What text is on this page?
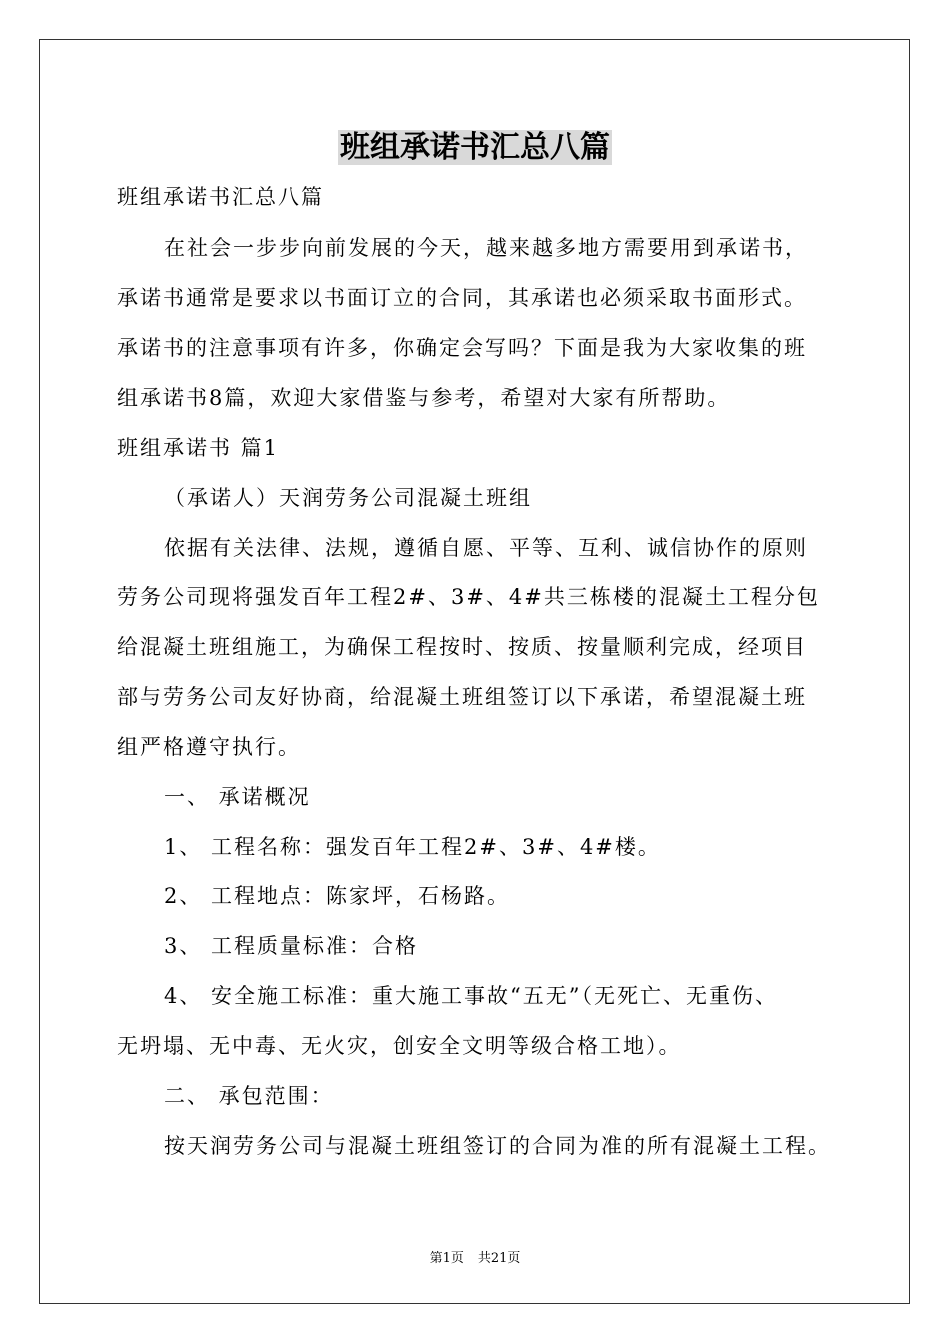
班组承诺书汇总八篇
班组承诺书汇总八篇
在社会一步步向前发展的今天，越来越多地方需要用到承诺书，
承诺书通常是要求以书面订立的合同，其承诺也必须采取书面形式。
承诺书的注意事项有许多，你确定会写吗？下面是我为大家收集的班
组承诺书8篇，欢迎大家借鉴与参考，希望对大家有所帮助。
班组承诺书 篇1
（承诺人）天润劳务公司混凝土班组
依据有关法律、法规，遵循自愿、平等、互利、诚信协作的原则
劳务公司现将强发百年工程2#、3#、4#共三栋楼的混凝土工程分包
给混凝土班组施工，为确保工程按时、按质、按量顺利完成，经项目
部与劳务公司友好协商，给混凝土班组签订以下承诺，希望混凝土班
组严格遵守执行。
一、 承诺概况
1、 工程名称：强发百年工程2#、3#、4#楼。
2、 工程地点：陈家坪，石杨路。
3、 工程质量标准：合格
4、 安全施工标准：重大施工事故“五无”（无死亡、无重伤、
无坍塌、无中毒、无火灾，创安全文明等级合格工地）。
二、 承包范围：
按天润劳务公司与混凝土班组签订的合同为准的所有混凝土工程。
第1页 共21页
